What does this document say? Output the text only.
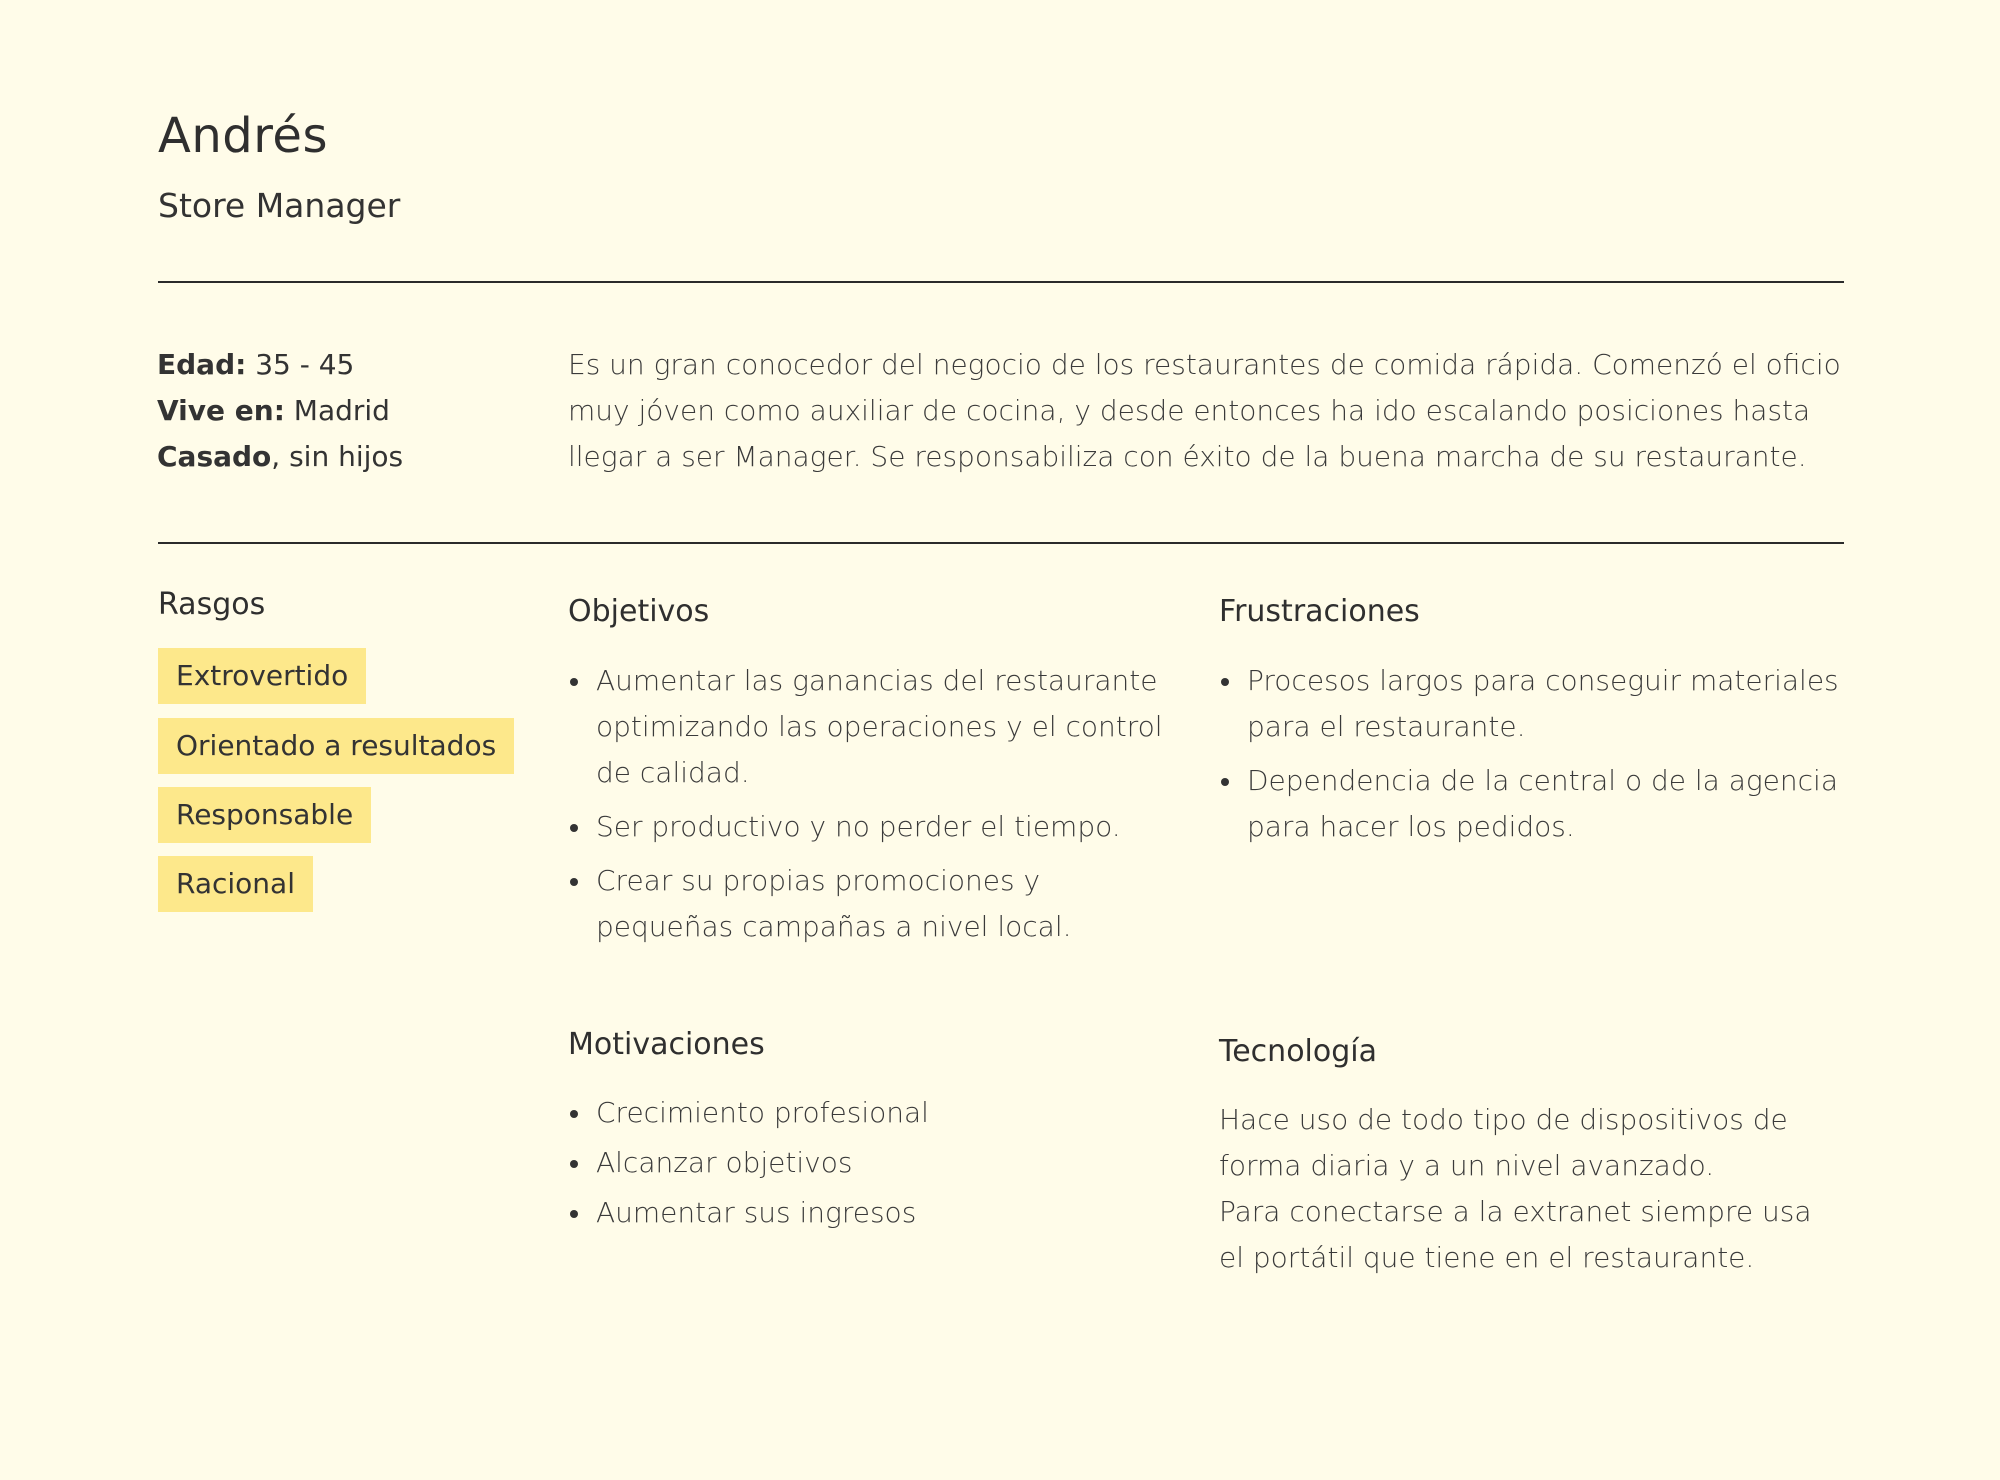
Andrés
Store Manager
Edad: 35 - 45
Vive en: Madrid
Casado, sin hijos
Es un gran conocedor del negocio de los restaurantes de comida rápida. Comenzó el oficio muy jóven como auxiliar de cocina, y desde entonces ha ido escalando posiciones hasta llegar a ser Manager. Se responsabiliza con éxito de la buena marcha de su restaurante.
Rasgos
Extrovertido
Orientado a resultados
Responsable
Racional
Objetivos
Aumentar las ganancias del restaurante optimizando las operaciones y el control de calidad.
Ser productivo y no perder el tiempo.
Crear su propias promociones y pequeñas campañas a nivel local.
Frustraciones
Procesos largos para conseguir materiales para el restaurante.
Dependencia de la central o de la agencia para hacer los pedidos.
Motivaciones
Crecimiento profesional
Alcanzar objetivos
Aumentar sus ingresos
Tecnología
Hace uso de todo tipo de dispositivos de forma diaria y a un nivel avanzado.
Para conectarse a la extranet siempre usa el portátil que tiene en el restaurante.
